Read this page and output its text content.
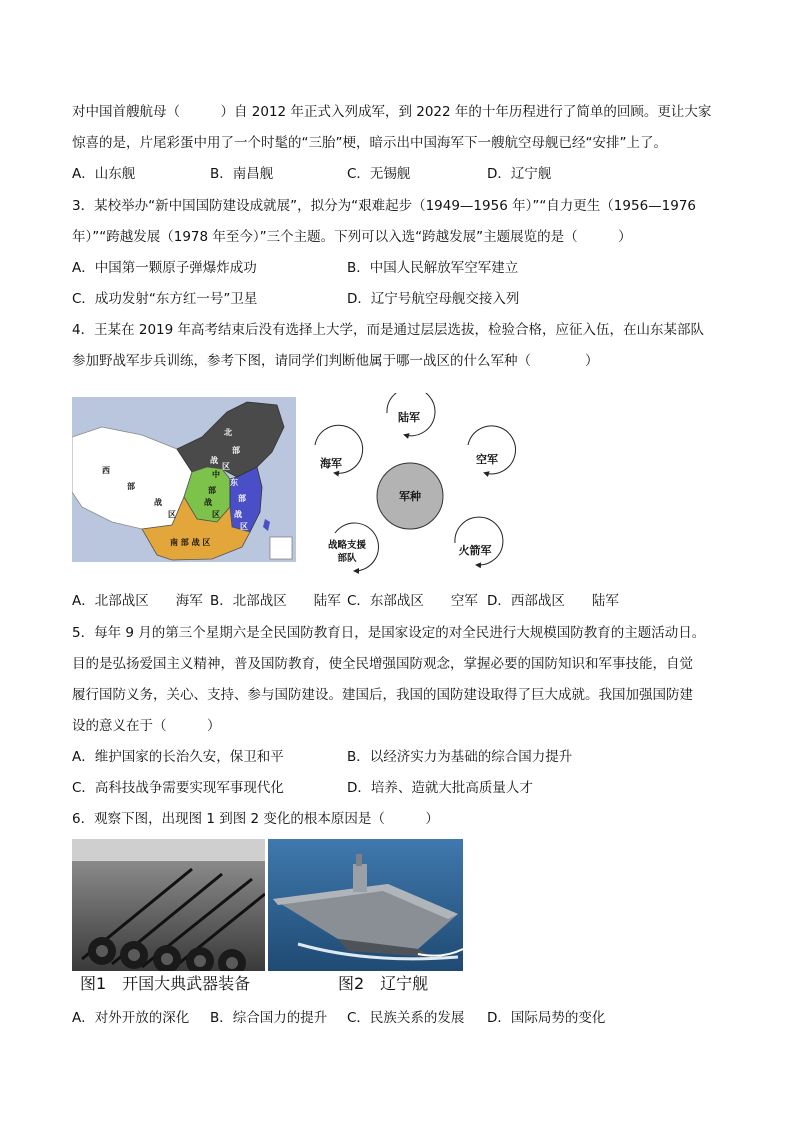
对中国首艘航母（　　　）自 2012 年正式入列成军，到 2022 年的十年历程进行了简单的回顾。更让大家
惊喜的是，片尾彩蛋中用了一个时髦的“三胎”梗，暗示出中国海军下一艘航空母舰已经“安排”上了。
A．山东舰	B．南昌舰	C．无锡舰	D．辽宁舰
3．某校举办“新中国国防建设成就展”，拟分为“艰难起步（1949—1956 年）”“自力更生（1956—1976
年）”“跨越发展（1978 年至今）”三个主题。下列可以入选“跨越发展”主题展览的是（　　　）
A．中国第一颗原子弹爆炸成功	B．中国人民解放军空军建立
C．成功发射“东方红一号”卫星	D．辽宁号航空母舰交接入列
4．王某在 2019 年高考结束后没有选择上大学，而是通过层层选拔，检验合格，应征入伍，在山东某部队
参加野战军步兵训练，参考下图，请同学们判断他属于哪一战区的什么军种（　　　　）
北
部
战
区
西
部
战
区
中
部
战
区
东
部
战
区
南 部 战 区
军种
陆军
空军
火箭军
战略支援部队
海军
A．北部战区　　海军 B．北部战区　　陆军 C．东部战区　　空军 D．西部战区　　陆军
5．每年 9 月的第三个星期六是全民国防教育日，是国家设定的对全民进行大规模国防教育的主题活动日。
目的是弘扬爱国主义精神，普及国防教育，使全民增强国防观念，掌握必要的国防知识和军事技能，自觉
履行国防义务，关心、支持、参与国防建设。建国后，我国的国防建设取得了巨大成就。我国加强国防建
设的意义在于（　　　）
A．维护国家的长治久安，保卫和平	B．以经济实力为基础的综合国力提升
C．高科技战争需要实现军事现代化	D．培养、造就大批高质量人才
6．观察下图，出现图 1 到图 2 变化的根本原因是（　　　）
图1　开国大典武器装备	图2　辽宁舰
A．对外开放的深化 B．综合国力的提升 C．民族关系的发展 D．国际局势的变化
